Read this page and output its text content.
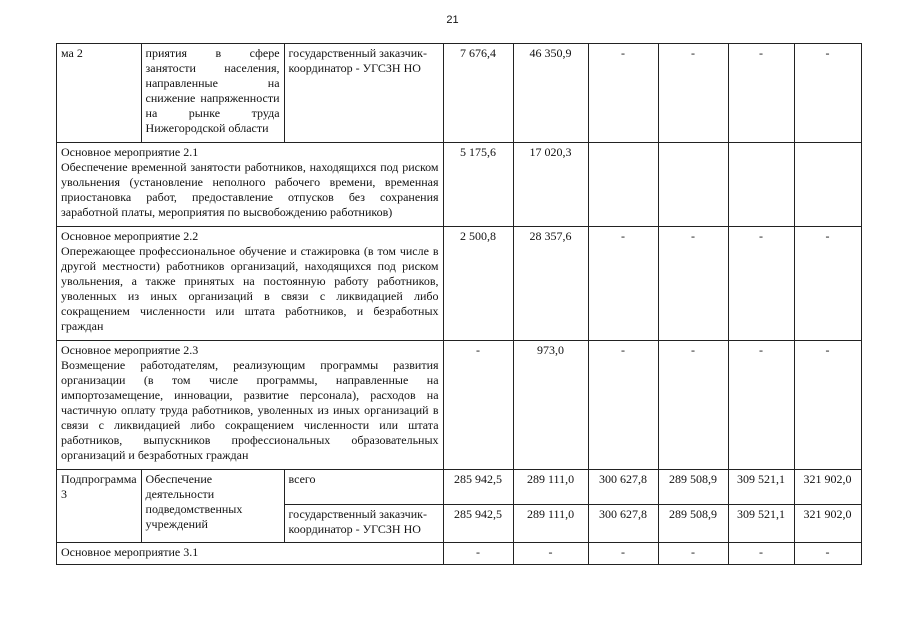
21
ма 2	приятия в сфере занятости населения, направленные на снижение напряженности на рынке труда Нижегородской области	государственный заказчик-координатор - УГСЗН НО	7 676,4	46 350,9	-	-	-	-

Основное мероприятие 2.1
Обеспечение временной занятости работников, находящихся под риском увольнения (установление неполного рабочего времени, временная приостановка работ, предоставление отпусков без сохранения заработной платы, мероприятия по высвобождению работников)			5 175,6	17 020,3				

Основное мероприятие 2.2
Опережающее профессиональное обучение и стажировка (в том числе в другой местности) работников организаций, находящихся под риском увольнения, а также принятых на постоянную работу работников, уволенных из иных организаций в связи с ликвидацией либо сокращением численности или штата работников, и безработных граждан			2 500,8	28 357,6	-	-	-	-

Основное мероприятие 2.3
Возмещение работодателям, реализующим программы развития организации (в том числе программы, направленные на импортозамещение, инновации, развитие персонала), расходов на частичную оплату труда работников, уволенных из иных организаций в связи с ликвидацией либо сокращением численности или штата работников, выпускников профессиональных образовательных организаций и безработных граждан			-	973,0	-	-	-	-
Подпрограмма 3	Обеспечение деятельности подведомственных учреждений	всего	285 942,5	289 111,0	300 627,8	289 508,9	309 521,1	321 902,0
		государственный заказчик-координатор - УГСЗН НО	285 942,5	289 111,0	300 627,8	289 508,9	309 521,1	321 902,0

Основное мероприятие 3.1			-	-	-	-	-	-
